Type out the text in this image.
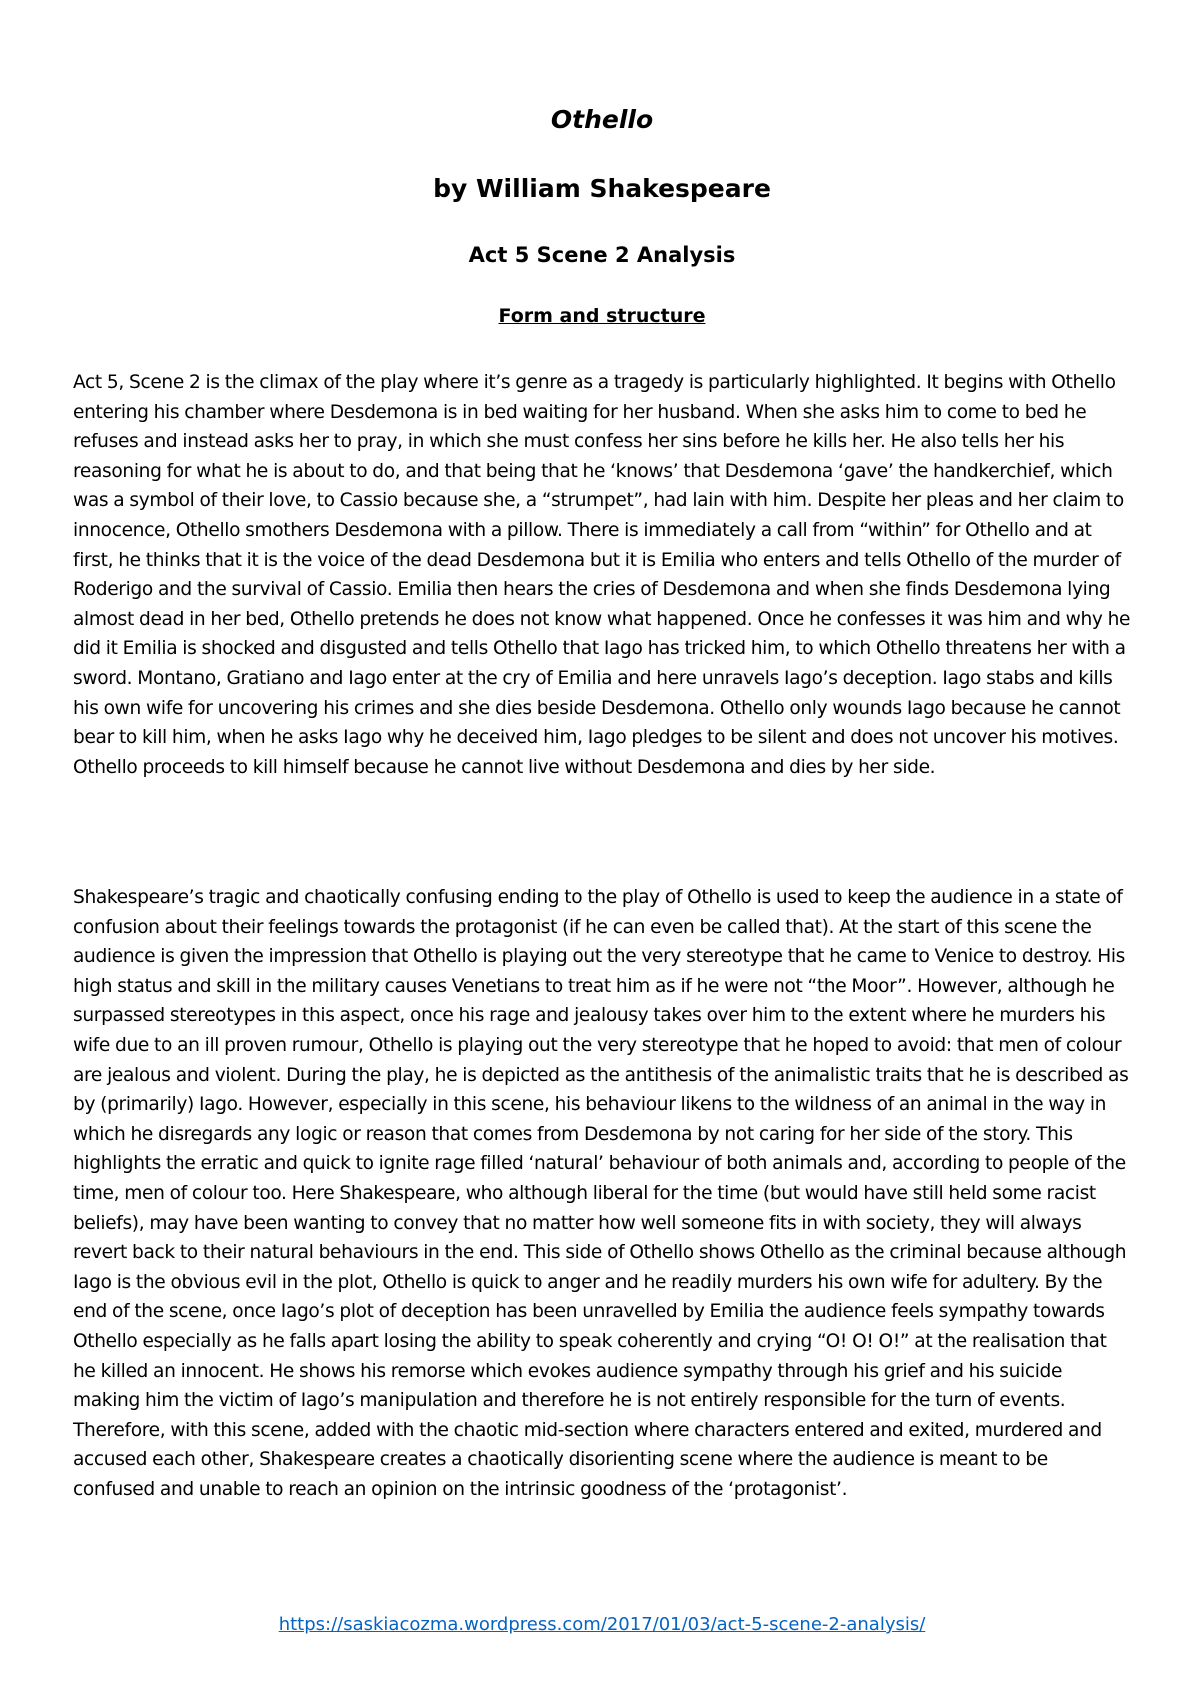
Othello
by William Shakespeare
Act 5 Scene 2 Analysis
Form and structure

Act 5, Scene 2 is the climax of the play where it’s genre as a tragedy is particularly highlighted. It begins with Othello entering his chamber where Desdemona is in bed waiting for her husband. When she asks him to come to bed he refuses and instead asks her to pray, in which she must confess her sins before he kills her. He also tells her his reasoning for what he is about to do, and that being that he ‘knows’ that Desdemona ‘gave’ the handkerchief, which was a symbol of their love, to Cassio because she, a “strumpet”, had lain with him. Despite her pleas and her claim to innocence, Othello smothers Desdemona with a pillow. There is immediately a call from “within” for Othello and at first, he thinks that it is the voice of the dead Desdemona but it is Emilia who enters and tells Othello of the murder of Roderigo and the survival of Cassio. Emilia then hears the cries of Desdemona and when she finds Desdemona lying almost dead in her bed, Othello pretends he does not know what happened. Once he confesses it was him and why he did it Emilia is shocked and disgusted and tells Othello that Iago has tricked him, to which Othello threatens her with a sword. Montano, Gratiano and Iago enter at the cry of Emilia and here unravels Iago’s deception. Iago stabs and kills his own wife for uncovering his crimes and she dies beside Desdemona. Othello only wounds Iago because he cannot bear to kill him, when he asks Iago why he deceived him, Iago pledges to be silent and does not uncover his motives. Othello proceeds to kill himself because he cannot live without Desdemona and dies by her side.

Shakespeare’s tragic and chaotically confusing ending to the play of Othello is used to keep the audience in a state of confusion about their feelings towards the protagonist (if he can even be called that). At the start of this scene the audience is given the impression that Othello is playing out the very stereotype that he came to Venice to destroy. His high status and skill in the military causes Venetians to treat him as if he were not “the Moor”. However, although he surpassed stereotypes in this aspect, once his rage and jealousy takes over him to the extent where he murders his wife due to an ill proven rumour, Othello is playing out the very stereotype that he hoped to avoid: that men of colour are jealous and violent. During the play, he is depicted as the antithesis of the animalistic traits that he is described as by (primarily) Iago. However, especially in this scene, his behaviour likens to the wildness of an animal in the way in which he disregards any logic or reason that comes from Desdemona by not caring for her side of the story. This highlights the erratic and quick to ignite rage filled ‘natural’ behaviour of both animals and, according to people of the time, men of colour too. Here Shakespeare, who although liberal for the time (but would have still held some racist beliefs), may have been wanting to convey that no matter how well someone fits in with society, they will always revert back to their natural behaviours in the end. This side of Othello shows Othello as the criminal because although Iago is the obvious evil in the plot, Othello is quick to anger and he readily murders his own wife for adultery. By the end of the scene, once Iago’s plot of deception has been unravelled by Emilia the audience feels sympathy towards Othello especially as he falls apart losing the ability to speak coherently and crying “O! O! O!” at the realisation that he killed an innocent. He shows his remorse which evokes audience sympathy through his grief and his suicide making him the victim of Iago’s manipulation and therefore he is not entirely responsible for the turn of events. Therefore, with this scene, added with the chaotic mid-section where characters entered and exited, murdered and accused each other, Shakespeare creates a chaotically disorienting scene where the audience is meant to be confused and unable to reach an opinion on the intrinsic goodness of the ‘protagonist’.

https://saskiacozma.wordpress.com/2017/01/03/act-5-scene-2-analysis/
